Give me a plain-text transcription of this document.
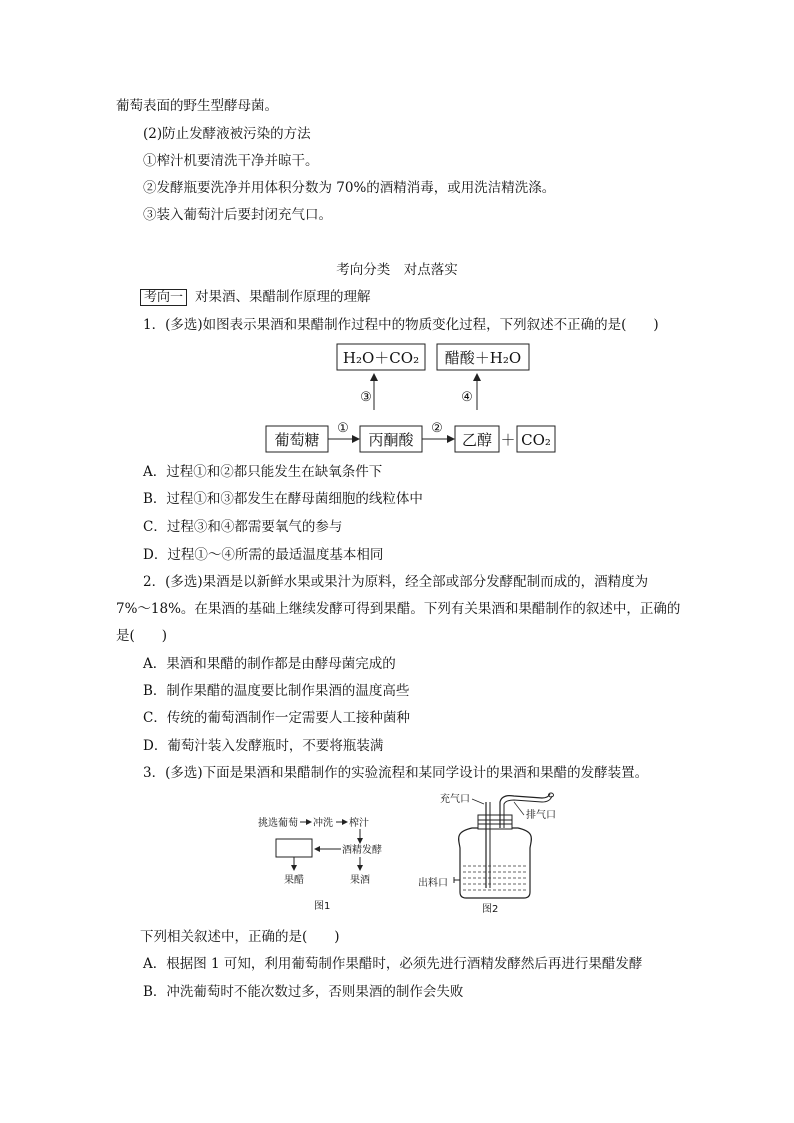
葡萄表面的野生型酵母菌。
(2)防止发酵液被污染的方法
①榨汁机要清洗干净并晾干。
②发酵瓶要洗净并用体积分数为 70%的酒精消毒，或用洗洁精洗涤。
③装入葡萄汁后要封闭充气口。
考向分类　对点落实
考向一 对果酒、果醋制作原理的理解
1．(多选)如图表示果酒和果醋制作过程中的物质变化过程，下列叙述不正确的是(　　)
H₂O＋CO₂ 醋酸＋H₂O
③	④
葡萄糖
①
丙酮酸
②
乙醇 ＋ CO₂
A．过程①和②都只能发生在缺氧条件下
B．过程①和③都发生在酵母菌细胞的线粒体中
C．过程③和④都需要氧气的参与
D．过程①～④所需的最适温度基本相同
2．(多选)果酒是以新鲜水果或果汁为原料，经全部或部分发酵配制而成的，酒精度为
7%～18%。在果酒的基础上继续发酵可得到果醋。下列有关果酒和果醋制作的叙述中，正确的
是(　　)
A．果酒和果醋的制作都是由酵母菌完成的
B．制作果醋的温度要比制作果酒的温度高些
C．传统的葡萄酒制作一定需要人工接种菌种
D．葡萄汁装入发酵瓶时，不要将瓶装满
3．(多选)下面是果酒和果醋制作的实验流程和某同学设计的果酒和果醋的发酵装置。
挑选葡萄 冲洗 榨汁
酒精发酵
果醋	果酒
图1
充气口
排气口
出料口
图2
下列相关叙述中，正确的是(　　)
A．根据图 1 可知，利用葡萄制作果醋时，必须先进行酒精发酵然后再进行果醋发酵
B．冲洗葡萄时不能次数过多，否则果酒的制作会失败
